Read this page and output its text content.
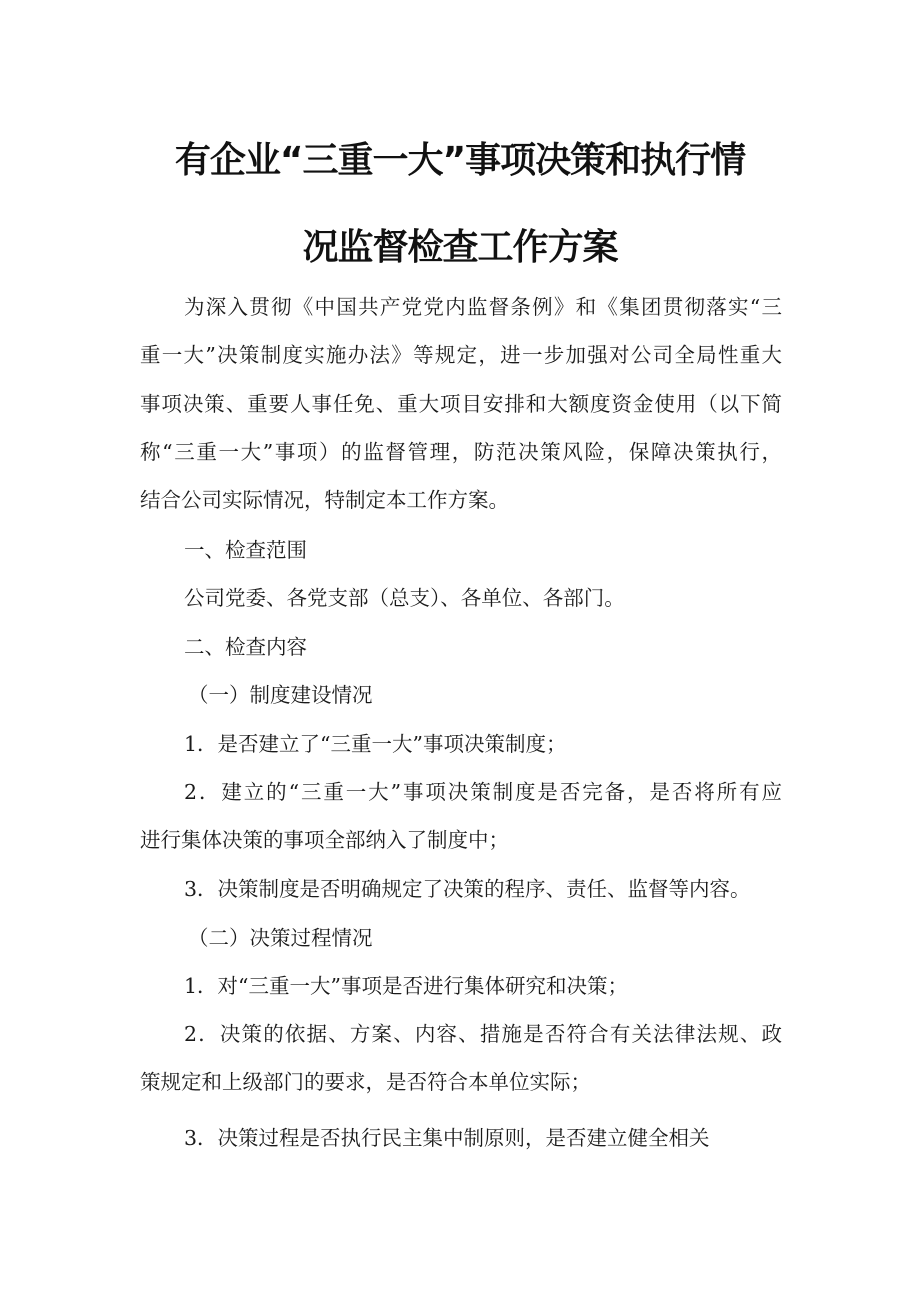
有企业“三重一大”事项决策和执行情
况监督检查工作方案
为深入贯彻《中国共产党党内监督条例》和《集团贯彻落实“三
重一大”决策制度实施办法》等规定，进一步加强对公司全局性重大
事项决策、重要人事任免、重大项目安排和大额度资金使用（以下简
称“三重一大”事项）的监督管理，防范决策风险，保障决策执行，
结合公司实际情况，特制定本工作方案。
一、检查范围
公司党委、各党支部（总支）、各单位、各部门。
二、检查内容
（一）制度建设情况
1．是否建立了“三重一大”事项决策制度；
2．建立的“三重一大”事项决策制度是否完备，是否将所有应
进行集体决策的事项全部纳入了制度中；
3．决策制度是否明确规定了决策的程序、责任、监督等内容。
（二）决策过程情况
1．对“三重一大”事项是否进行集体研究和决策；
2．决策的依据、方案、内容、措施是否符合有关法律法规、政
策规定和上级部门的要求，是否符合本单位实际；
3．决策过程是否执行民主集中制原则，是否建立健全相关
